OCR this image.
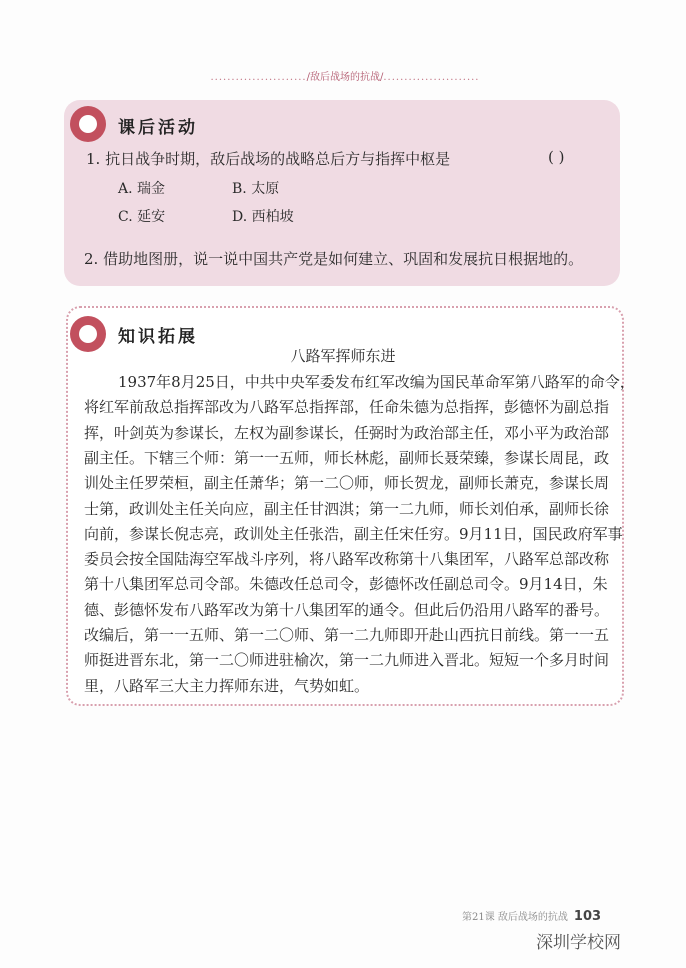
......................./敌后战场的抗战/.......................
课后活动
1. 抗日战争时期，敌后战场的战略总后方与指挥中枢是	( )
A. 瑞金	B. 太原
C. 延安	D. 西柏坡
2. 借助地图册，说一说中国共产党是如何建立、巩固和发展抗日根据地的。
知识拓展
八路军挥师东进
1937年8月25日，中共中央军委发布红军改编为国民革命军第八路军的命令，
将红军前敌总指挥部改为八路军总指挥部，任命朱德为总指挥，彭德怀为副总指
挥，叶剑英为参谋长，左权为副参谋长，任弼时为政治部主任，邓小平为政治部
副主任。下辖三个师：第一一五师，师长林彪，副师长聂荣臻，参谋长周昆，政
训处主任罗荣桓，副主任萧华；第一二〇师，师长贺龙，副师长萧克，参谋长周
士第，政训处主任关向应，副主任甘泗淇；第一二九师，师长刘伯承，副师长徐
向前，参谋长倪志亮，政训处主任张浩，副主任宋任穷。9月11日，国民政府军事
委员会按全国陆海空军战斗序列，将八路军改称第十八集团军，八路军总部改称
第十八集团军总司令部。朱德改任总司令，彭德怀改任副总司令。9月14日，朱
德、彭德怀发布八路军改为第十八集团军的通令。但此后仍沿用八路军的番号。
改编后，第一一五师、第一二〇师、第一二九师即开赴山西抗日前线。第一一五
师挺进晋东北，第一二〇师进驻榆次，第一二九师进入晋北。短短一个多月时间
里，八路军三大主力挥师东进，气势如虹。
第21课 敌后战场的抗战 103
深圳学校网
